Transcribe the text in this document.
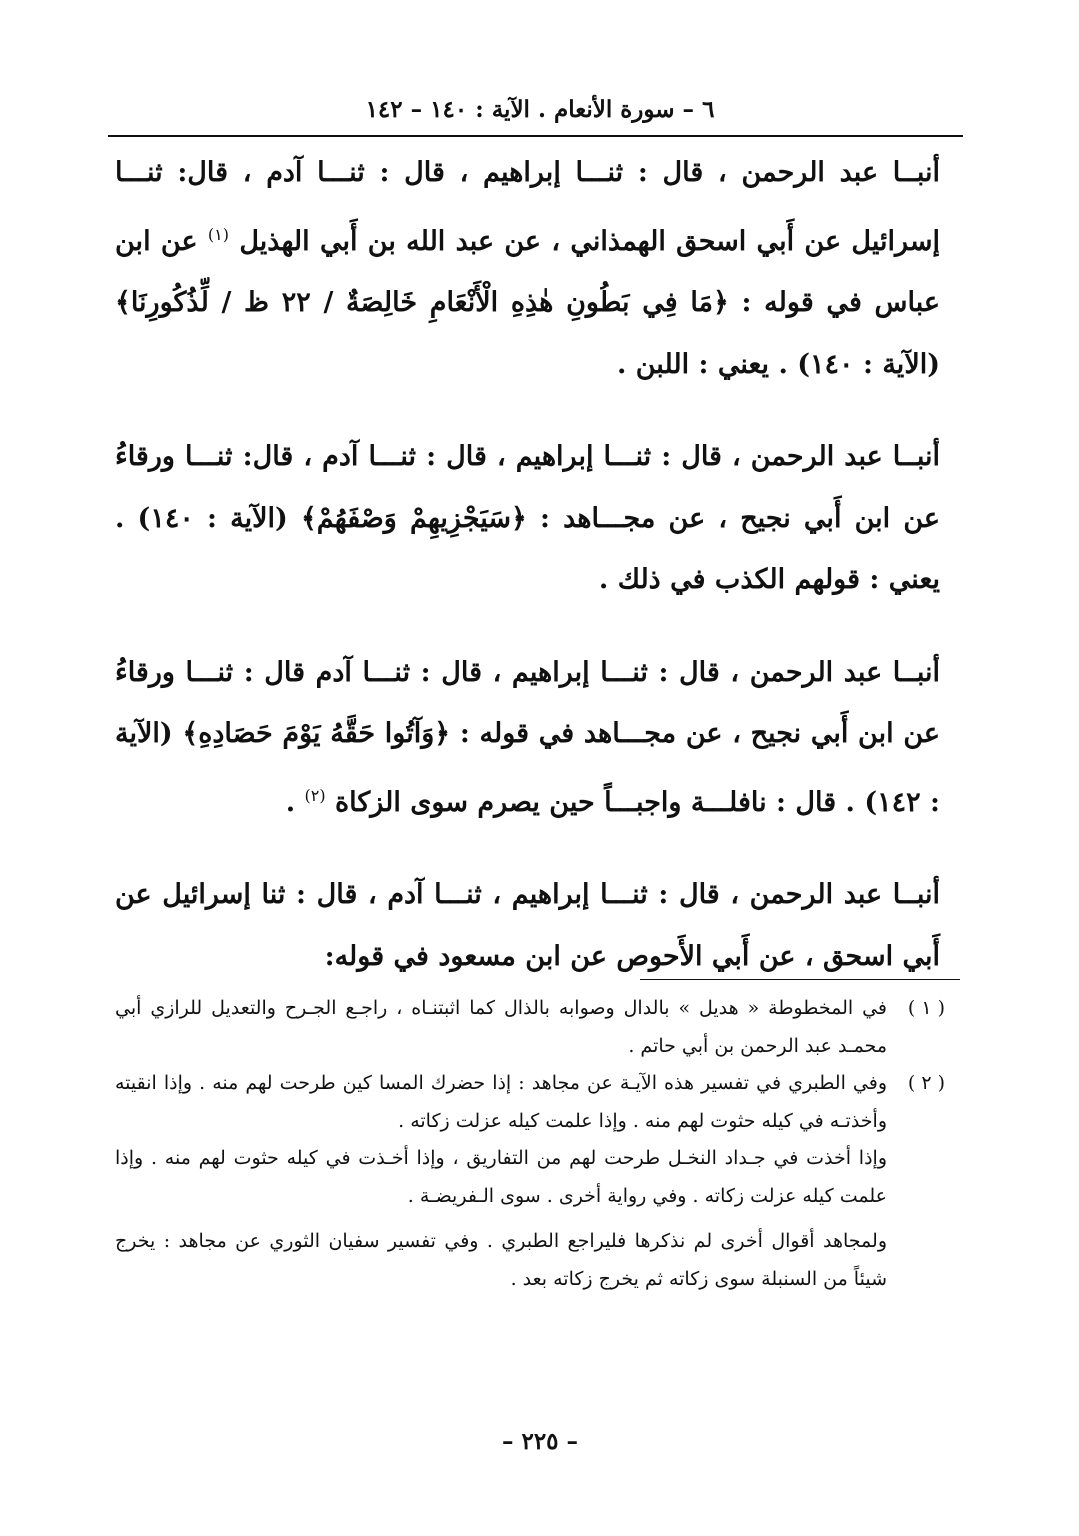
٦ – سورة الأنعام . الآية : ١٤٠ – ١٤٢

أنبــا عبد الرحمن ، قال : ثنـــا إبراهيم ، قال : ثنـــا آدم ، قال: ثنـــا إسرائيل عن أَبي اسحق الهمذاني ، عن عبد الله بن أَبي الهذيل $^{(١)}$ عن ابن عباس في قوله : ﴿مَا فِي بَطُونِ هٰذِهِ الْأَنْعَامِ خَالِصَةٌ / ٢٢ ظ / لِّذُكُورِنَا﴾ (الآية : ١٤٠) . يعني : اللبن .

أنبــا عبد الرحمن ، قال : ثنـــا إبراهيم ، قال : ثنـــا آدم ، قال: ثنـــا ورقاءُ عن ابن أَبي نجيح ، عن مجـــاهد : ﴿سَيَجْزِيهِمْ وَصْفَهُمْ﴾ (الآية : ١٤٠) . يعني : قولهم الكذب في ذلك .

أنبــا عبد الرحمن ، قال : ثنـــا إبراهيم ، قال : ثنـــا آدم قال : ثنـــا ورقاءُ عن ابن أَبي نجيح ، عن مجـــاهد في قوله : ﴿وَآتُوا حَقَّهُ يَوْمَ حَصَادِهِ﴾ (الآية : ١٤٢) . قال : نافلـــة واجبـــاً حين يصرم سوى الزكاة $^{(٢)}$ .

أنبــا عبد الرحمن ، قال : ثنـــا إبراهيم ، ثنـــا آدم ، قال : ثنا إسرائيل عن أَبي اسحق ، عن أَبي الأَحوص عن ابن مسعود في قوله:

( ١ )
في المخطوطة « هديل » بالدال وصوابه بالذال كما اثبتنـاه ، راجـع الجـرح والتعديل للرازي أبي محمـد عبد الرحمن بن أبي حاتم .
( ٢ )
وفي الطبري في تفسير هذه الآيـة عن مجاهد : إذا حضرك المسا كين طرحت لهم منه . وإذا انقيته وأخذتـه في كيله حثوت لهم منه . وإذا علمت كيله عزلت زكاته .
وإذا أخذت في جـداد النخـل طرحت لهم من التفاريق ، وإذا أخـذت في كيله حثوت لهم منه . وإذا علمت كيله عزلت زكاته . وفي رواية أخرى . سوى الـفريضـة .
ولمجاهد أقوال أخرى لم نذكرها فليراجع الطبري . وفي تفسير سفيان الثوري عن مجاهد : يخرج شيئاً من السنبلة سوى زكاته ثم يخرج زكاته بعد .
– ٢٢٥ –
